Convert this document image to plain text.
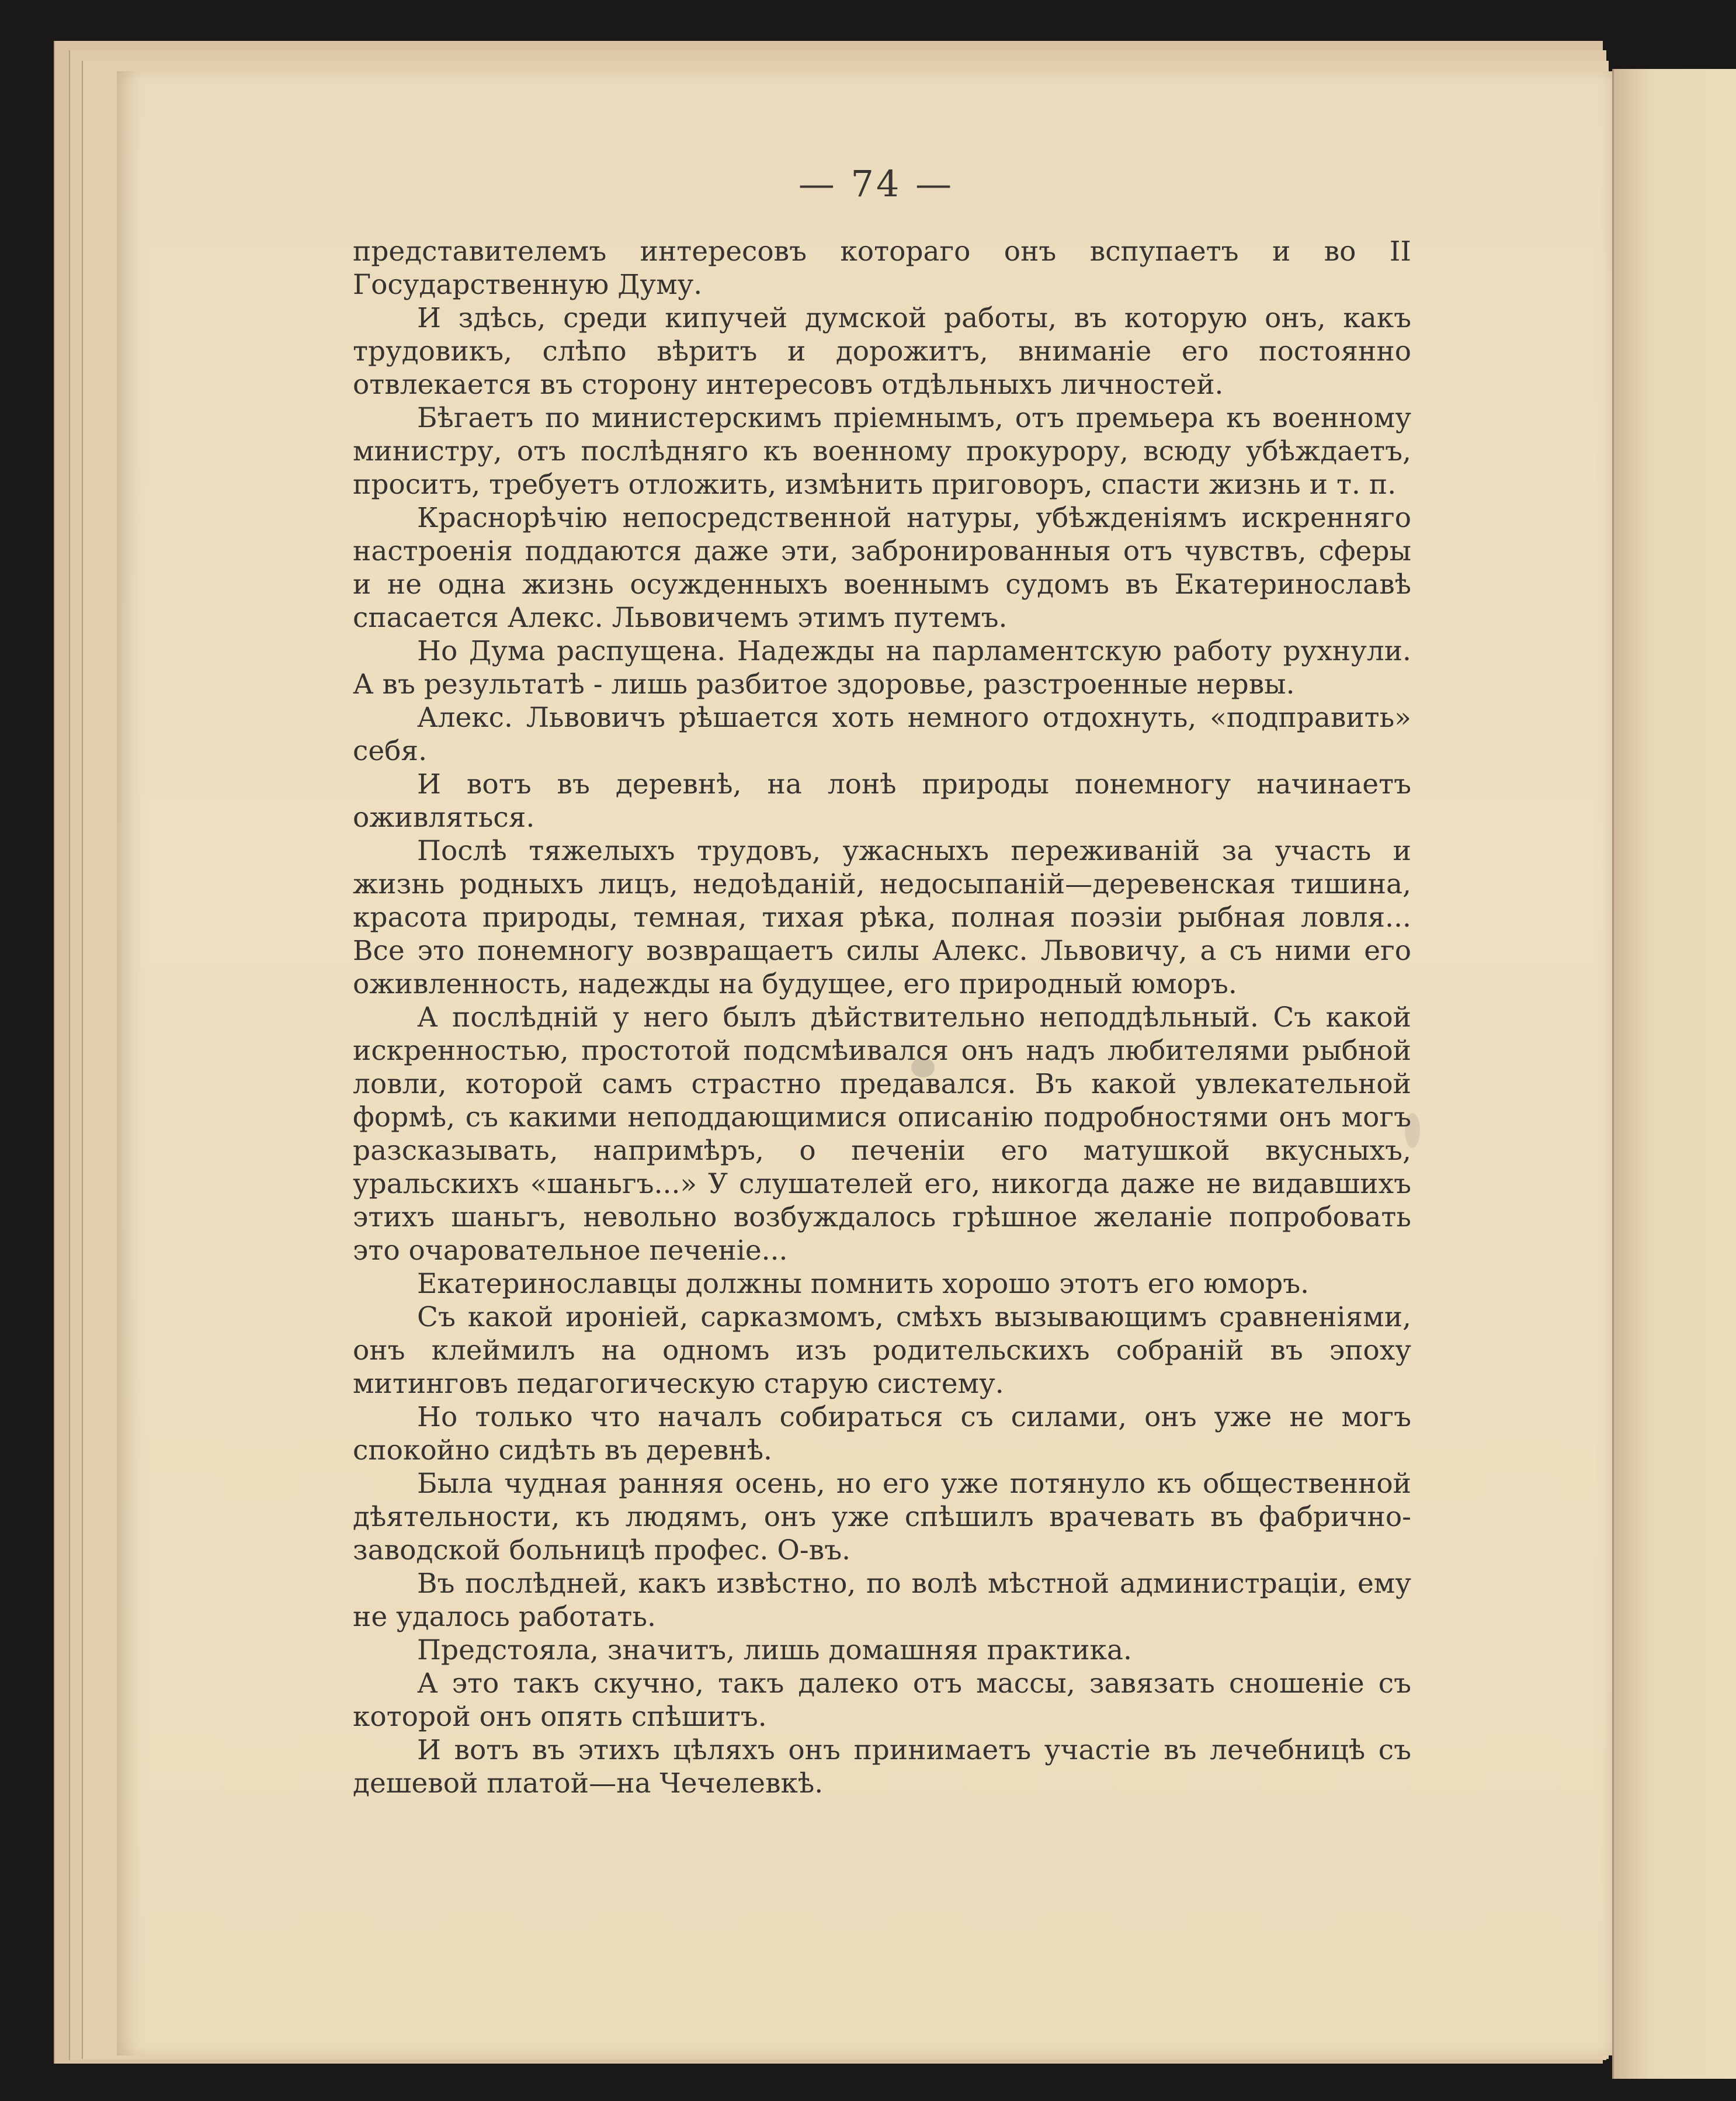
— 74 —

представителемъ интересовъ котораго онъ вспупаетъ и во II Государственную Думу.

И здѣсь, среди кипучей думской работы, въ которую онъ, какъ трудовикъ, слѣпо вѣритъ и дорожитъ, вниманіе его постоянно отвлекается въ сторону интересовъ отдѣльныхъ личностей.

Бѣгаетъ по министерскимъ пріемнымъ, отъ премьера къ военному министру, отъ послѣдняго къ военному прокурору, всюду убѣждаетъ, проситъ, требуетъ отложить, измѣнить приговоръ, спасти жизнь и т. п.

Краснорѣчію непосредственной натуры, убѣжденіямъ искренняго настроенія поддаются даже эти, забронированныя отъ чувствъ, сферы и не одна жизнь осужденныхъ военнымъ судомъ въ Екатеринославѣ спасается Алекс. Львовичемъ этимъ путемъ.

Но Дума распущена. Надежды на парламентскую работу рухнули. А въ результатѣ - лишь разбитое здоровье, разстроенные нервы.

Алекс. Львовичъ рѣшается хоть немного отдохнуть, «подправить» себя.

И вотъ въ деревнѣ, на лонѣ природы понемногу начинаетъ оживляться.

Послѣ тяжелыхъ трудовъ, ужасныхъ переживаній за участь и жизнь родныхъ лицъ, недоѣданій, недосыпаній—деревенская тишина, красота природы, темная, тихая рѣка, полная поэзіи рыбная ловля... Все это понемногу возвращаетъ силы Алекс. Львовичу, а съ ними его оживленность, надежды на будущее, его природный юморъ.

А послѣдній у него былъ дѣйствительно неподдѣльный. Съ какой искренностью, простотой подсмѣивался онъ надъ любителями рыбной ловли, которой самъ страстно предавался. Въ какой увлекательной формѣ, съ какими неподдающимися описанію подробностями онъ могъ разсказывать, напримѣръ, о печеніи его матушкой вкусныхъ, уральскихъ «шаньгъ...» У слушателей его, никогда даже не видавшихъ этихъ шаньгъ, невольно возбуждалось грѣшное желаніе попробовать это очаровательное печеніе...

Екатеринославцы должны помнить хорошо этотъ его юморъ.

Съ какой ироніей, сарказмомъ, смѣхъ вызывающимъ сравненіями, онъ клеймилъ на одномъ изъ родительскихъ собраній въ эпоху митинговъ педагогическую старую систему.

Но только что началъ собираться съ силами, онъ уже не могъ спокойно сидѣть въ деревнѣ.

Была чудная ранняя осень, но его уже потянуло къ общественной дѣятельности, къ людямъ, онъ уже спѣшилъ врачевать въ фабрично-заводской больницѣ профес. О-въ.

Въ послѣдней, какъ извѣстно, по волѣ мѣстной администраціи, ему не удалось работать.

Предстояла, значитъ, лишь домашняя практика.

А это такъ скучно, такъ далеко отъ массы, завязать сношеніе съ которой онъ опять спѣшитъ.

И вотъ въ этихъ цѣляхъ онъ принимаетъ участіе въ лечебницѣ съ дешевой платой—на Чечелевкѣ.
